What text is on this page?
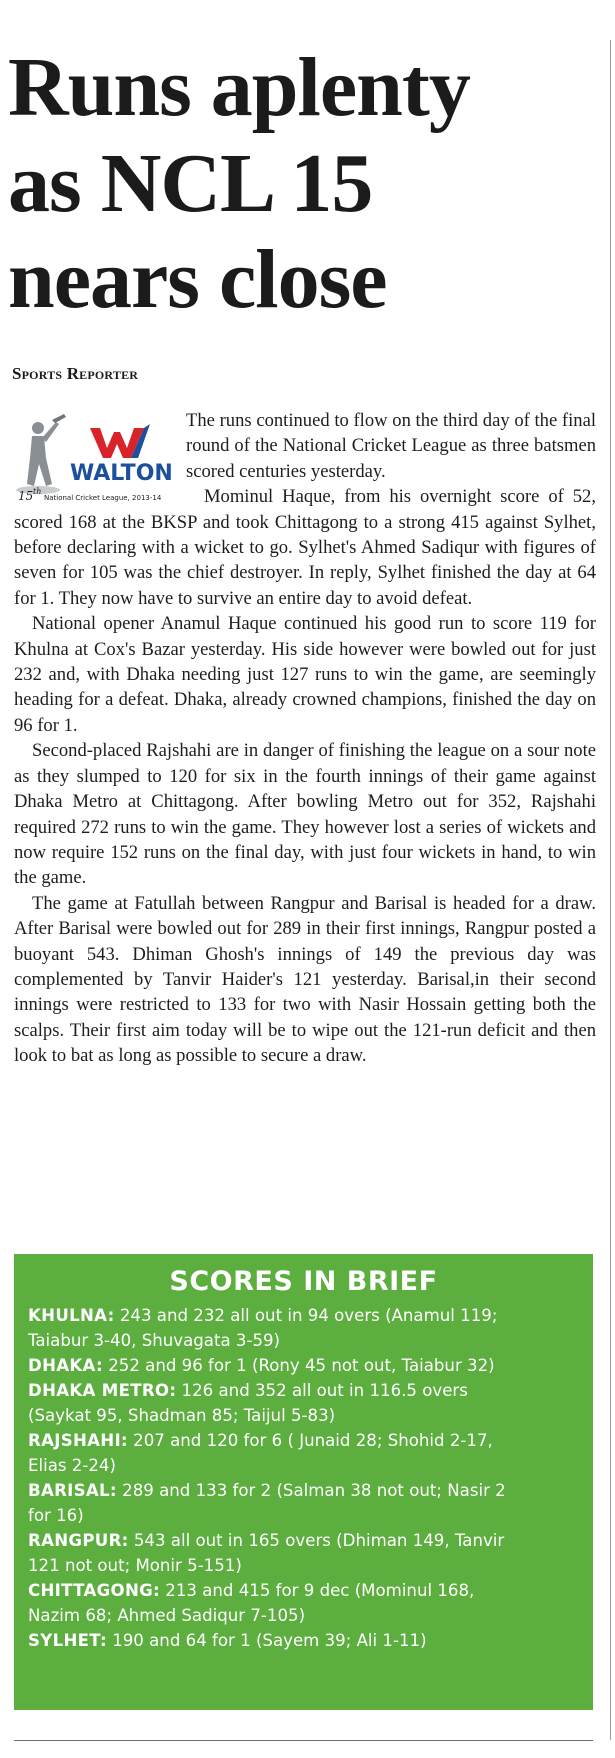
Runs aplenty
as NCL 15
nears close
Sports Reporter
WALTON
15 th
National Cricket League, 2013-14

The runs continued to flow on the third day of the final round of the National Cricket League as three batsmen scored centuries yesterday.

Mominul Haque, from his overnight score of 52, scored 168 at the BKSP and took Chittagong to a strong 415 against Sylhet, before declaring with a wicket to go. Sylhet's Ahmed Sadiqur with figures of seven for 105 was the chief destroyer. In reply, Sylhet finished the day at 64 for 1. They now have to survive an entire day to avoid defeat.

National opener Anamul Haque continued his good run to score 119 for Khulna at Cox's Bazar yesterday. His side however were bowled out for just 232 and, with Dhaka needing just 127 runs to win the game, are seemingly heading for a defeat. Dhaka, already crowned champions, finished the day on 96 for 1.

Second-placed Rajshahi are in danger of finishing the league on a sour note as they slumped to 120 for six in the fourth innings of their game against Dhaka Metro at Chittagong. After bowling Metro out for 352, Rajshahi required 272 runs to win the game. They however lost a series of wickets and now require 152 runs on the final day, with just four wickets in hand, to win the game.

The game at Fatullah between Rangpur and Barisal is headed for a draw. After Barisal were bowled out for 289 in their first innings, Rangpur posted a buoyant 543. Dhiman Ghosh's innings of 149 the previous day was complemented by Tanvir Haider's 121 yesterday. Barisal,in their second innings were restricted to 133 for two with Nasir Hossain getting both the scalps. Their first aim today will be to wipe out the 121-run deficit and then look to bat as long as possible to secure a draw.

SCORES IN BRIEF
KHULNA: 243 and 232 all out in 94 overs (Anamul 119;
Taiabur 3-40, Shuvagata 3-59)
DHAKA: 252 and 96 for 1 (Rony 45 not out, Taiabur 32)
DHAKA METRO: 126 and 352 all out in 116.5 overs
(Saykat 95, Shadman 85; Taijul 5-83)
RAJSHAHI: 207 and 120 for 6 ( Junaid 28; Shohid 2-17,
Elias 2-24)
BARISAL: 289 and 133 for 2 (Salman 38 not out; Nasir 2
for 16)
RANGPUR: 543 all out in 165 overs (Dhiman 149, Tanvir
121 not out; Monir 5-151)
CHITTAGONG: 213 and 415 for 9 dec (Mominul 168,
Nazim 68; Ahmed Sadiqur 7-105)
SYLHET: 190 and 64 for 1 (Sayem 39; Ali 1-11)
